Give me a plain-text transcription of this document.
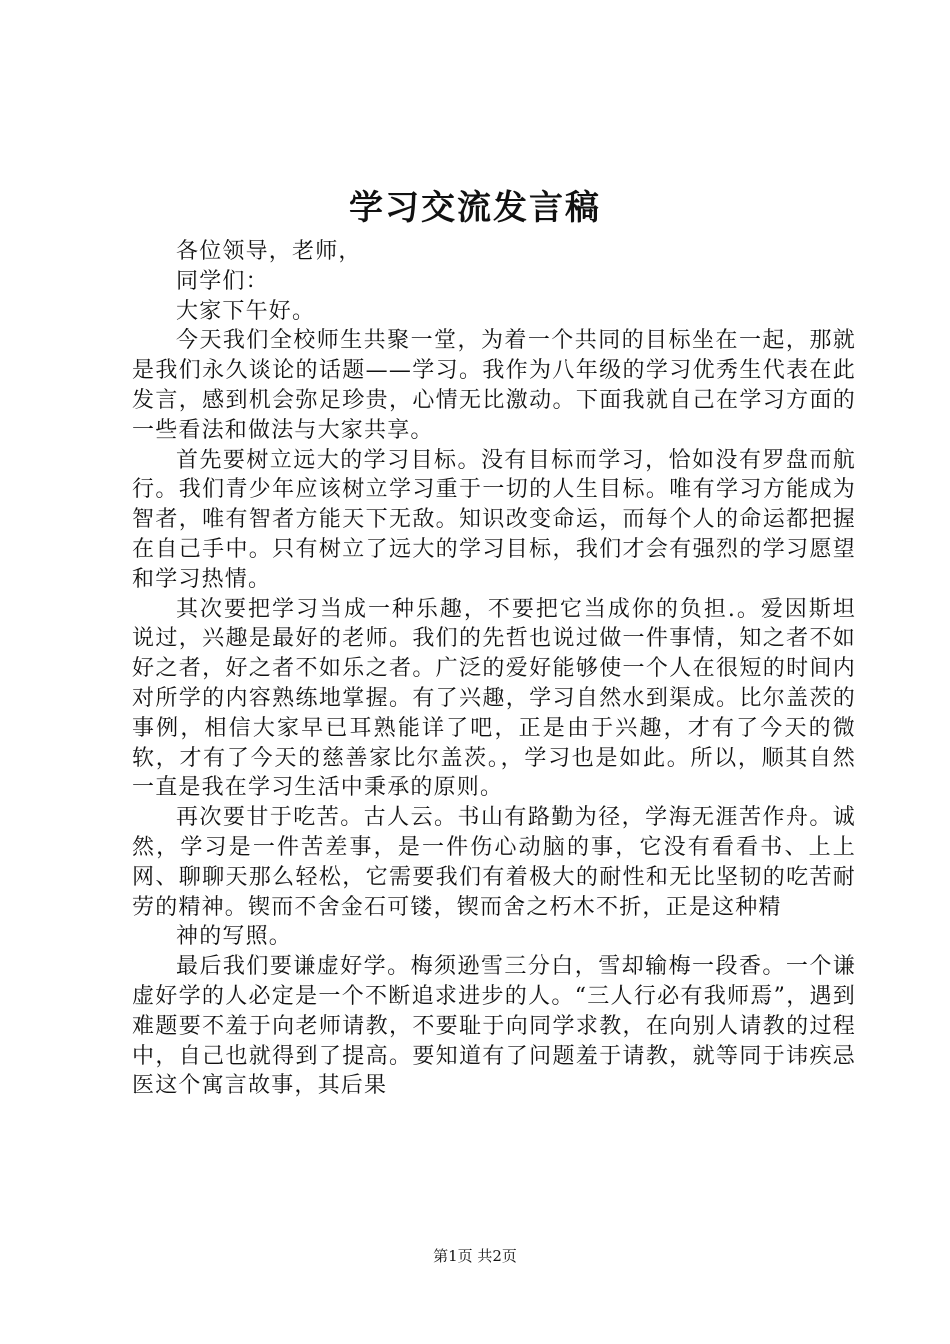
学习交流发言稿

各位领导，老师，

同学们：

大家下午好。

今天我们全校师生共聚一堂，为着一个共同的目标坐在一起，那就是我们永久谈论的话题——学习。我作为八年级的学习优秀生代表在此发言，感到机会弥足珍贵，心情无比激动。下面我就自己在学习方面的一些看法和做法与大家共享。

首先要树立远大的学习目标。没有目标而学习，恰如没有罗盘而航行。我们青少年应该树立学习重于一切的人生目标。唯有学习方能成为智者，唯有智者方能天下无敌。知识改变命运，而每个人的命运都把握在自己手中。只有树立了远大的学习目标，我们才会有强烈的学习愿望和学习热情。

其次要把学习当成一种乐趣，不要把它当成你的负担.。爱因斯坦说过，兴趣是最好的老师。我们的先哲也说过做一件事情，知之者不如好之者，好之者不如乐之者。广泛的爱好能够使一个人在很短的时间内对所学的内容熟练地掌握。有了兴趣，学习自然水到渠成。比尔盖茨的事例，相信大家早已耳熟能详了吧，正是由于兴趣，才有了今天的微软，才有了今天的慈善家比尔盖茨。，学习也是如此。所以，顺其自然一直是我在学习生活中秉承的原则。

再次要甘于吃苦。古人云。书山有路勤为径，学海无涯苦作舟。诚然，学习是一件苦差事，是一件伤心动脑的事，它没有看看书、上上网、聊聊天那么轻松，它需要我们有着极大的耐性和无比坚韧的吃苦耐劳的精神。锲而不舍金石可镂，锲而舍之朽木不折，正是这种精

神的写照。

最后我们要谦虚好学。梅须逊雪三分白，雪却输梅一段香。一个谦虚好学的人必定是一个不断追求进步的人。“三人行必有我师焉”，遇到难题要不羞于向老师请教，不要耻于向同学求教，在向别人请教的过程中，自己也就得到了提高。要知道有了问题羞于请教，就等同于讳疾忌医这个寓言故事，其后果

第1页 共2页
